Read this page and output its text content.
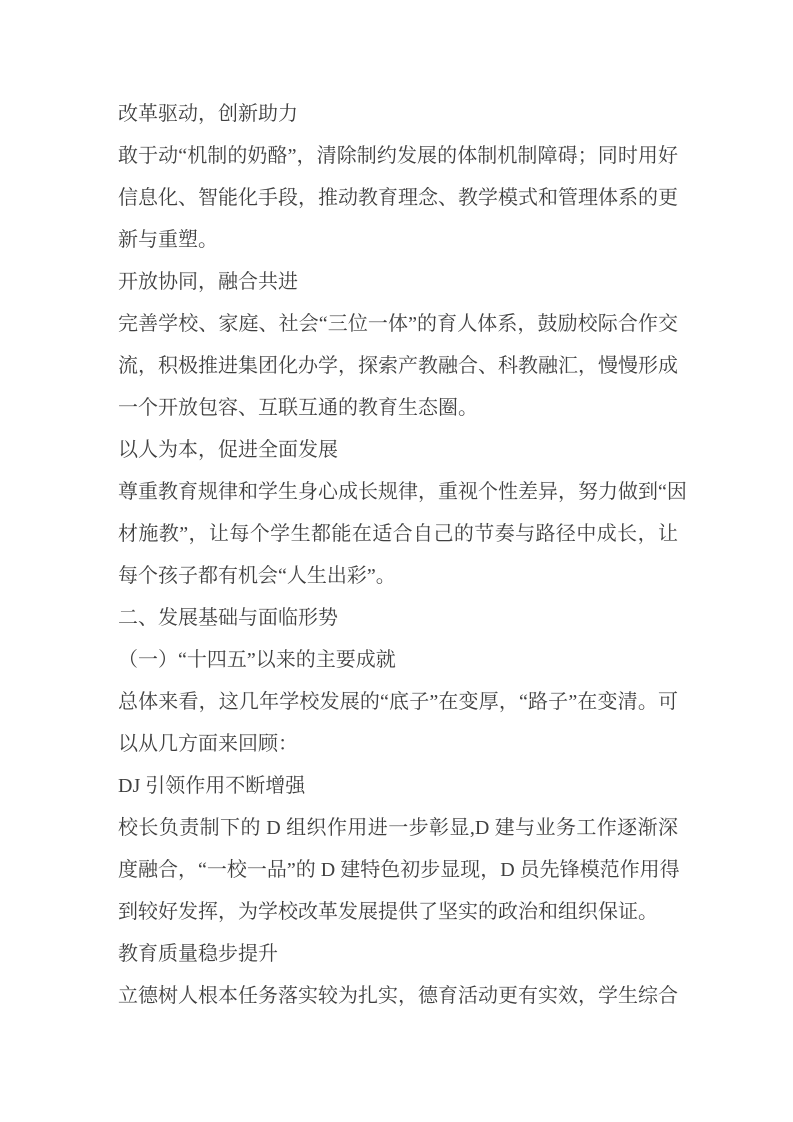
改革驱动，创新助力
敢于动“机制的奶酪”，清除制约发展的体制机制障碍；同时用好
信息化、智能化手段，推动教育理念、教学模式和管理体系的更
新与重塑。
开放协同，融合共进
完善学校、家庭、社会“三位一体”的育人体系，鼓励校际合作交
流，积极推进集团化办学，探索产教融合、科教融汇，慢慢形成
一个开放包容、互联互通的教育生态圈。
以人为本，促进全面发展
尊重教育规律和学生身心成长规律，重视个性差异，努力做到“因
材施教”，让每个学生都能在适合自己的节奏与路径中成长，让
每个孩子都有机会“人生出彩”。
二、发展基础与面临形势
（一）“十四五”以来的主要成就
总体来看，这几年学校发展的“底子”在变厚，“路子”在变清。可
以从几方面来回顾：
DJ 引领作用不断增强
校长负责制下的 D 组织作用进一步彰显,D 建与业务工作逐渐深
度融合，“一校一品”的 D 建特色初步显现，D 员先锋模范作用得
到较好发挥，为学校改革发展提供了坚实的政治和组织保证。
教育质量稳步提升
立德树人根本任务落实较为扎实，德育活动更有实效，学生综合
